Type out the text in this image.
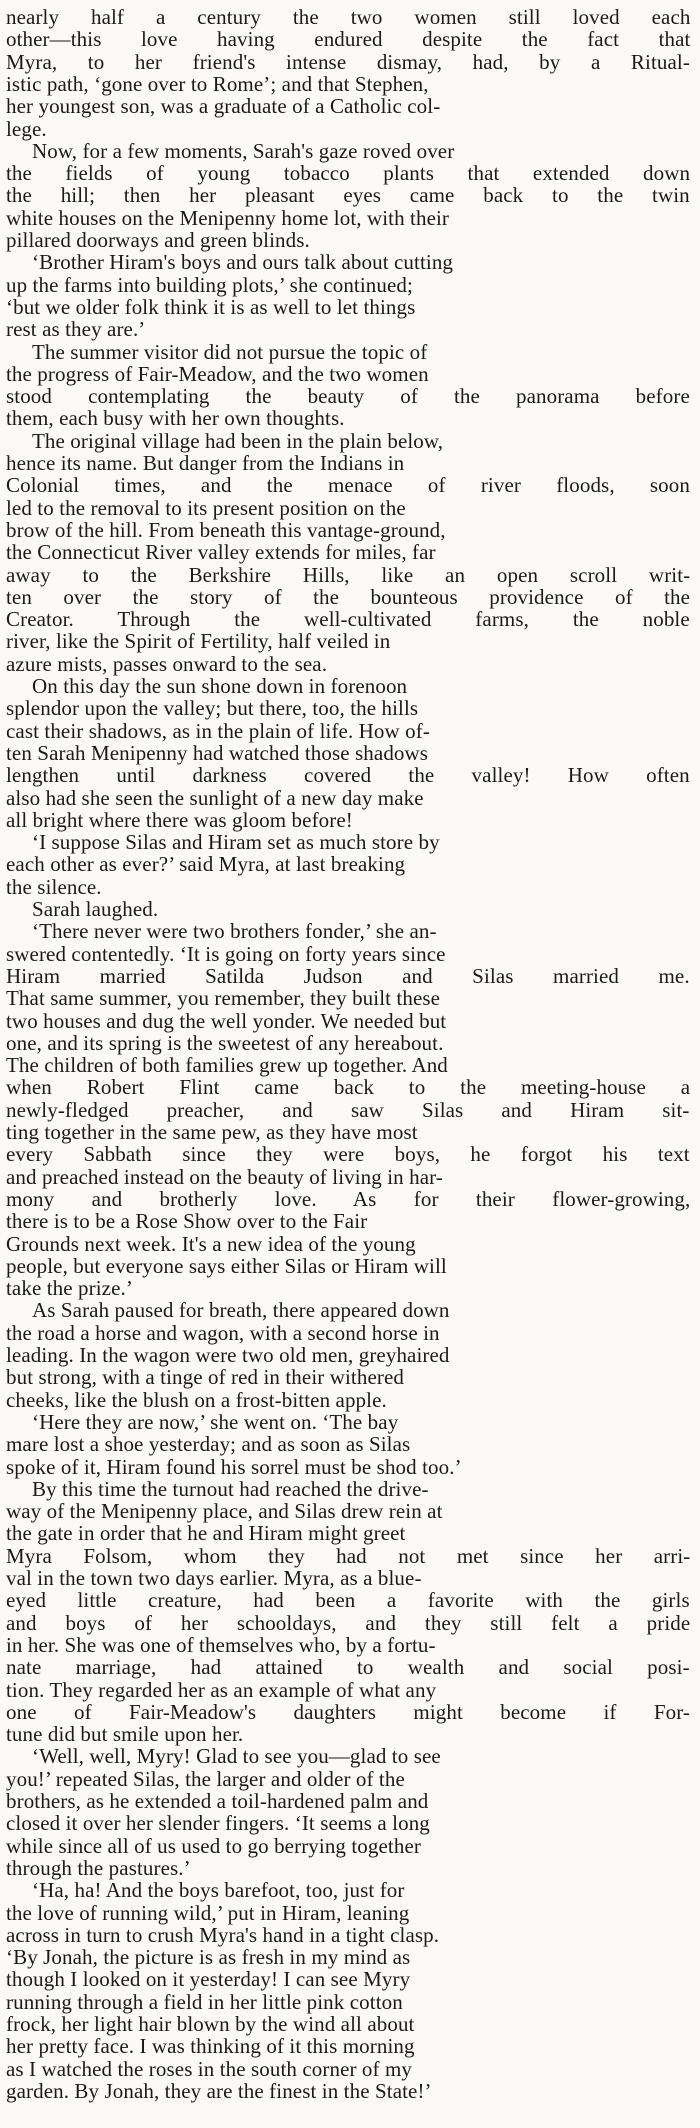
nearly half a century the two women still loved each
other—this love having endured despite the fact that
Myra, to her friend's intense dismay, had, by a Ritual-
istic path, ‘gone over to Rome’; and that Stephen,
her youngest son, was a graduate of a Catholic col-
lege.
Now, for a few moments, Sarah's gaze roved over
the fields of young tobacco plants that extended down
the hill; then her pleasant eyes came back to the twin
white houses on the Menipenny home lot, with their
pillared doorways and green blinds.
‘Brother Hiram's boys and ours talk about cutting
up the farms into building plots,’ she continued;
‘but we older folk think it is as well to let things
rest as they are.’
The summer visitor did not pursue the topic of
the progress of Fair-Meadow, and the two women
stood contemplating the beauty of the panorama before
them, each busy with her own thoughts.
The original village had been in the plain below,
hence its name. But danger from the Indians in
Colonial times, and the menace of river floods, soon
led to the removal to its present position on the
brow of the hill. From beneath this vantage-ground,
the Connecticut River valley extends for miles, far
away to the Berkshire Hills, like an open scroll writ-
ten over the story of the bounteous providence of the
Creator. Through the well-cultivated farms, the noble
river, like the Spirit of Fertility, half veiled in
azure mists, passes onward to the sea.
On this day the sun shone down in forenoon
splendor upon the valley; but there, too, the hills
cast their shadows, as in the plain of life. How of-
ten Sarah Menipenny had watched those shadows
lengthen until darkness covered the valley! How often
also had she seen the sunlight of a new day make
all bright where there was gloom before!
‘I suppose Silas and Hiram set as much store by
each other as ever?’ said Myra, at last breaking
the silence.
Sarah laughed.
‘There never were two brothers fonder,’ she an-
swered contentedly. ‘It is going on forty years since
Hiram married Satilda Judson and Silas married me.
That same summer, you remember, they built these
two houses and dug the well yonder. We needed but
one, and its spring is the sweetest of any hereabout.
The children of both families grew up together. And
when Robert Flint came back to the meeting-house a
newly-fledged preacher, and saw Silas and Hiram sit-
ting together in the same pew, as they have most
every Sabbath since they were boys, he forgot his text
and preached instead on the beauty of living in har-
mony and brotherly love. As for their flower-growing,
there is to be a Rose Show over to the Fair
Grounds next week. It's a new idea of the young
people, but everyone says either Silas or Hiram will
take the prize.’
As Sarah paused for breath, there appeared down
the road a horse and wagon, with a second horse in
leading. In the wagon were two old men, greyhaired
but strong, with a tinge of red in their withered
cheeks, like the blush on a frost-bitten apple.
‘Here they are now,’ she went on. ‘The bay
mare lost a shoe yesterday; and as soon as Silas
spoke of it, Hiram found his sorrel must be shod too.’
By this time the turnout had reached the drive-
way of the Menipenny place, and Silas drew rein at
the gate in order that he and Hiram might greet
Myra Folsom, whom they had not met since her arri-
val in the town two days earlier. Myra, as a blue-
eyed little creature, had been a favorite with the girls
and boys of her schooldays, and they still felt a pride
in her. She was one of themselves who, by a fortu-
nate marriage, had attained to wealth and social posi-
tion. They regarded her as an example of what any
one of Fair-Meadow's daughters might become if For-
tune did but smile upon her.
‘Well, well, Myry! Glad to see you—glad to see
you!’ repeated Silas, the larger and older of the
brothers, as he extended a toil-hardened palm and
closed it over her slender fingers. ‘It seems a long
while since all of us used to go berrying together
through the pastures.’
‘Ha, ha! And the boys barefoot, too, just for
the love of running wild,’ put in Hiram, leaning
across in turn to crush Myra's hand in a tight clasp.
‘By Jonah, the picture is as fresh in my mind as
though I looked on it yesterday! I can see Myry
running through a field in her little pink cotton
frock, her light hair blown by the wind all about
her pretty face. I was thinking of it this morning
as I watched the roses in the south corner of my
garden. By Jonah, they are the finest in the State!’
